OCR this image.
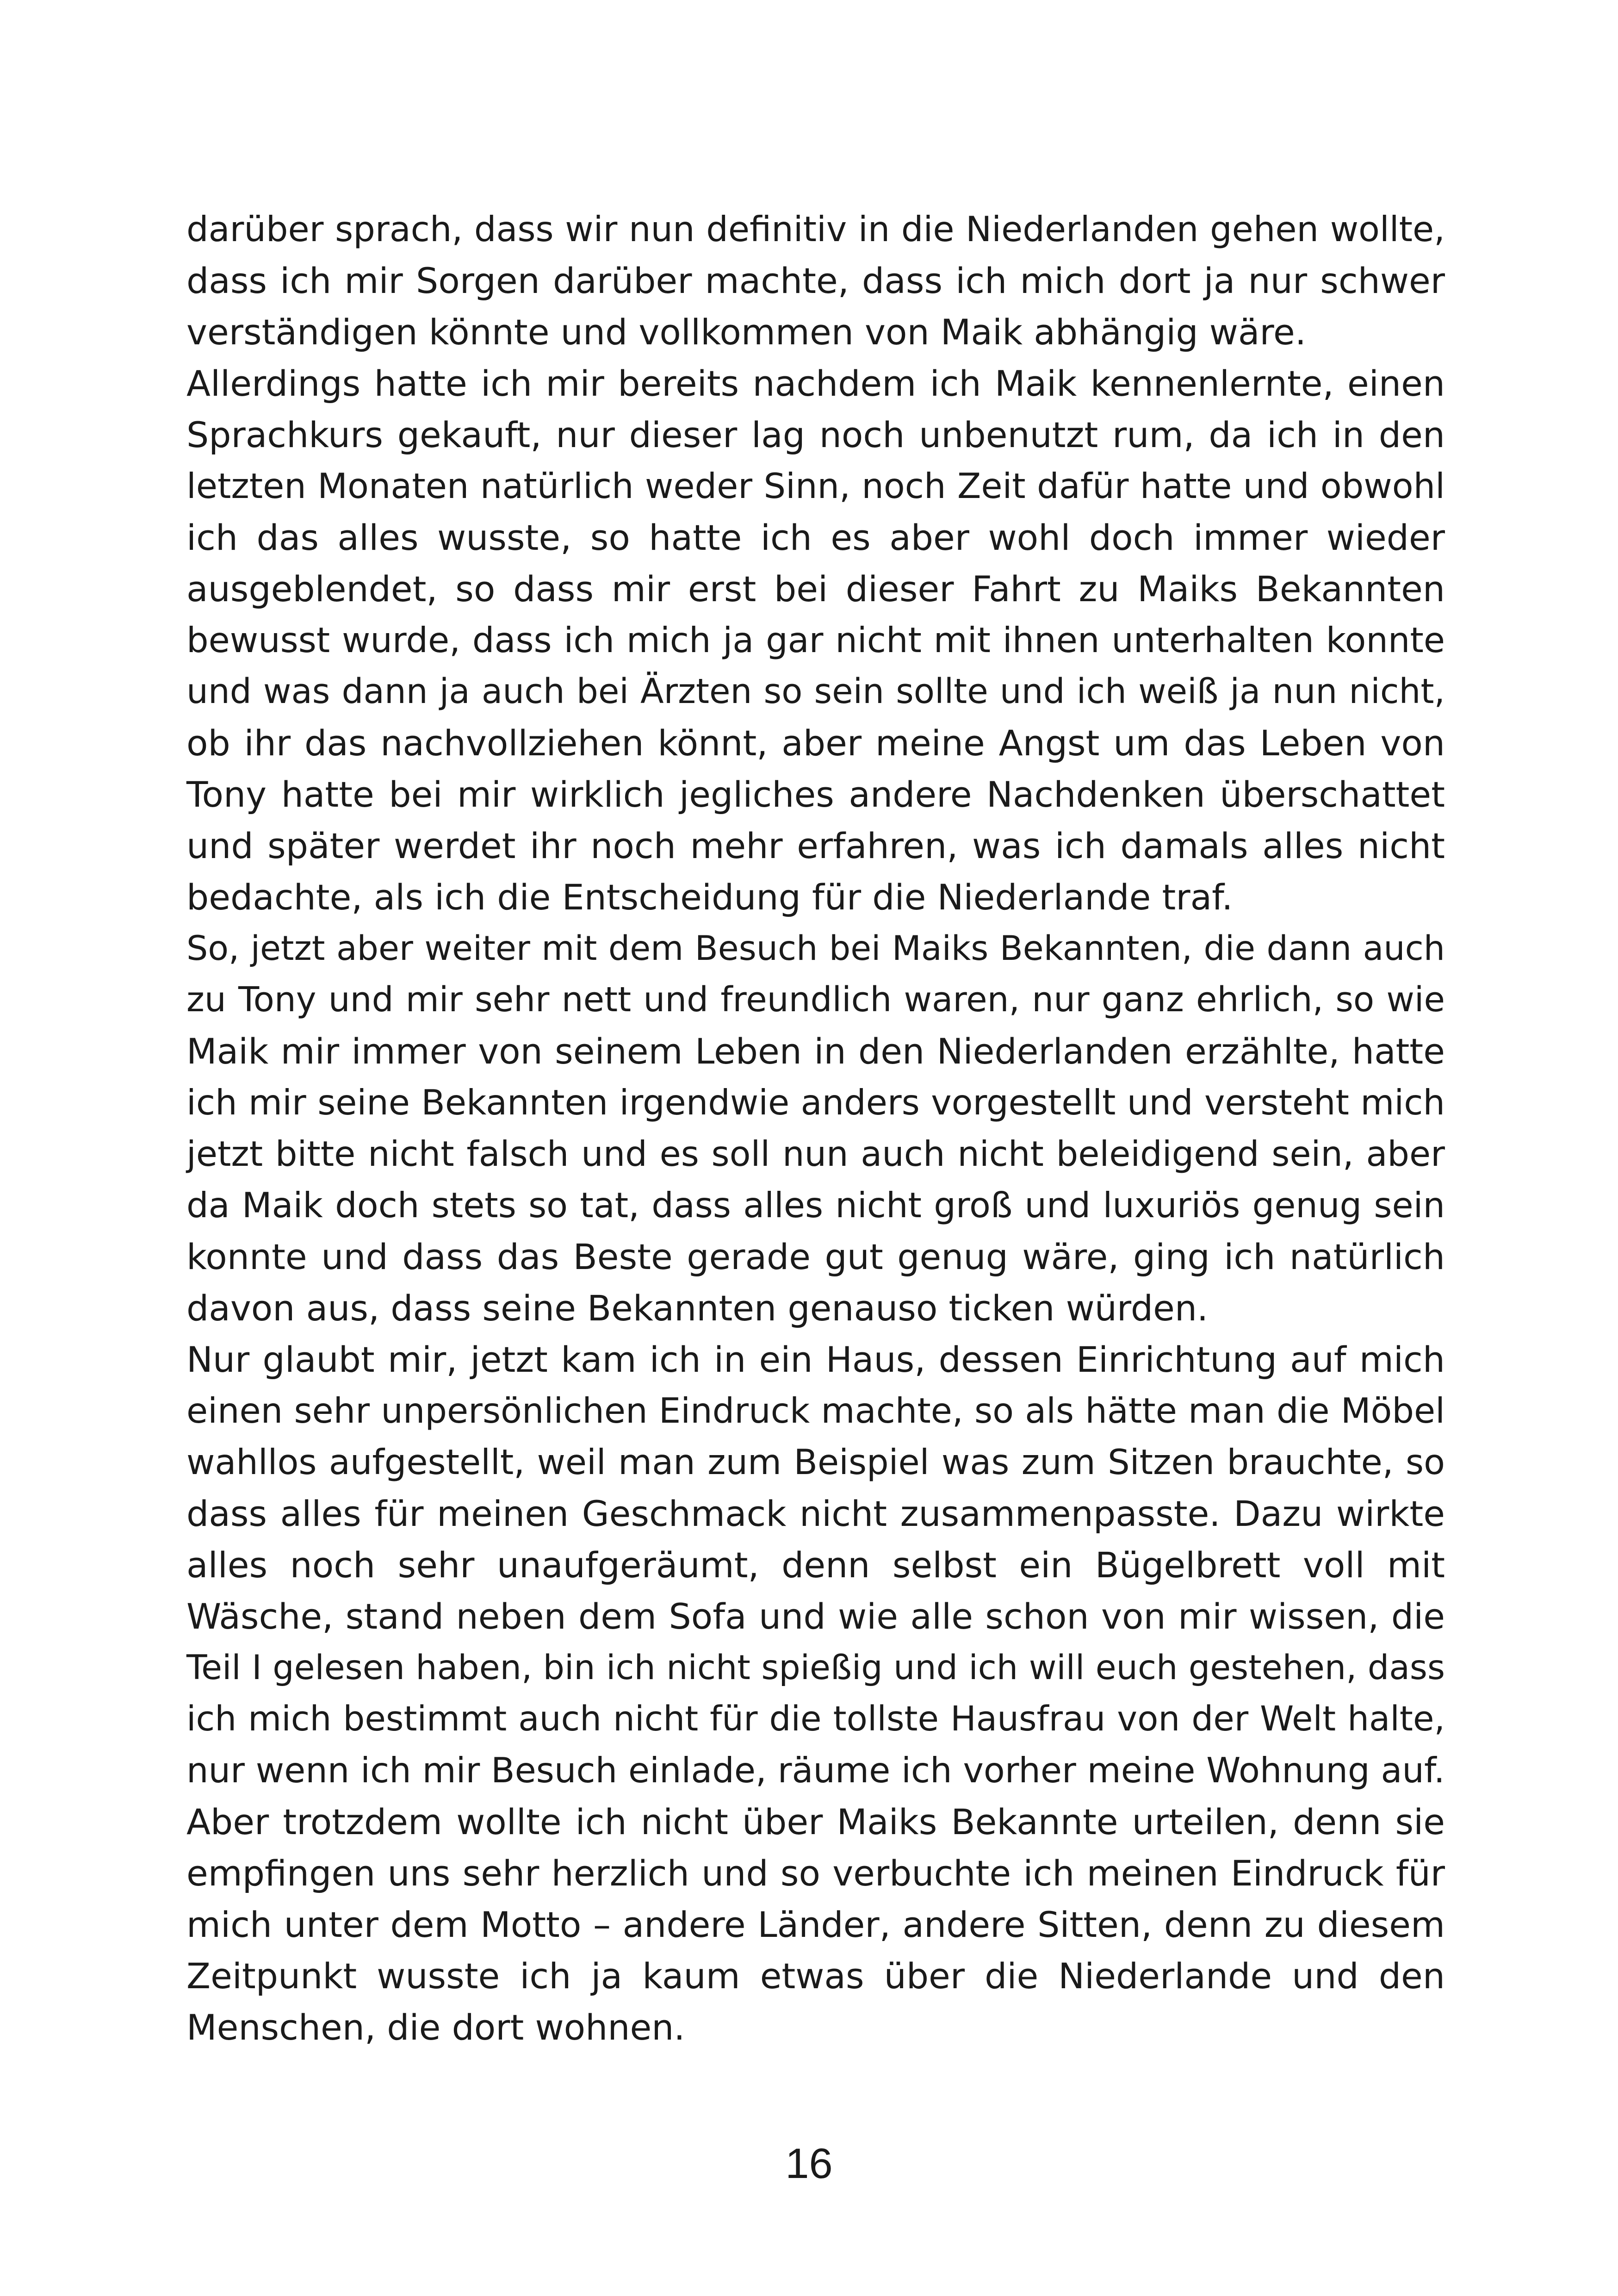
darüber sprach, dass wir nun definitiv in die Niederlanden gehen wollte,
dass ich mir Sorgen darüber machte, dass ich mich dort ja nur schwer
verständigen könnte und vollkommen von Maik abhängig wäre.
Allerdings hatte ich mir bereits nachdem ich Maik kennenlernte, einen
Sprachkurs gekauft, nur dieser lag noch unbenutzt rum, da ich in den
letzten Monaten natürlich weder Sinn, noch Zeit dafür hatte und obwohl
ich das alles wusste, so hatte ich es aber wohl doch immer wieder
ausgeblendet, so dass mir erst bei dieser Fahrt zu Maiks Bekannten
bewusst wurde, dass ich mich ja gar nicht mit ihnen unterhalten konnte
und was dann ja auch bei Ärzten so sein sollte und ich weiß ja nun nicht,
ob ihr das nachvollziehen könnt, aber meine Angst um das Leben von
Tony hatte bei mir wirklich jegliches andere Nachdenken überschattet
und später werdet ihr noch mehr erfahren, was ich damals alles nicht
bedachte, als ich die Entscheidung für die Niederlande traf.
So, jetzt aber weiter mit dem Besuch bei Maiks Bekannten, die dann auch
zu Tony und mir sehr nett und freundlich waren, nur ganz ehrlich, so wie
Maik mir immer von seinem Leben in den Niederlanden erzählte, hatte
ich mir seine Bekannten irgendwie anders vorgestellt und versteht mich
jetzt bitte nicht falsch und es soll nun auch nicht beleidigend sein, aber
da Maik doch stets so tat, dass alles nicht groß und luxuriös genug sein
konnte und dass das Beste gerade gut genug wäre, ging ich natürlich
davon aus, dass seine Bekannten genauso ticken würden.
Nur glaubt mir, jetzt kam ich in ein Haus, dessen Einrichtung auf mich
einen sehr unpersönlichen Eindruck machte, so als hätte man die Möbel
wahllos aufgestellt, weil man zum Beispiel was zum Sitzen brauchte, so
dass alles für meinen Geschmack nicht zusammenpasste. Dazu wirkte
alles noch sehr unaufgeräumt, denn selbst ein Bügelbrett voll mit
Wäsche, stand neben dem Sofa und wie alle schon von mir wissen, die
Teil I gelesen haben, bin ich nicht spießig und ich will euch gestehen, dass
ich mich bestimmt auch nicht für die tollste Hausfrau von der Welt halte,
nur wenn ich mir Besuch einlade, räume ich vorher meine Wohnung auf.
Aber trotzdem wollte ich nicht über Maiks Bekannte urteilen, denn sie
empfingen uns sehr herzlich und so verbuchte ich meinen Eindruck für
mich unter dem Motto – andere Länder, andere Sitten, denn zu diesem
Zeitpunkt wusste ich ja kaum etwas über die Niederlande und den
Menschen, die dort wohnen.
16
